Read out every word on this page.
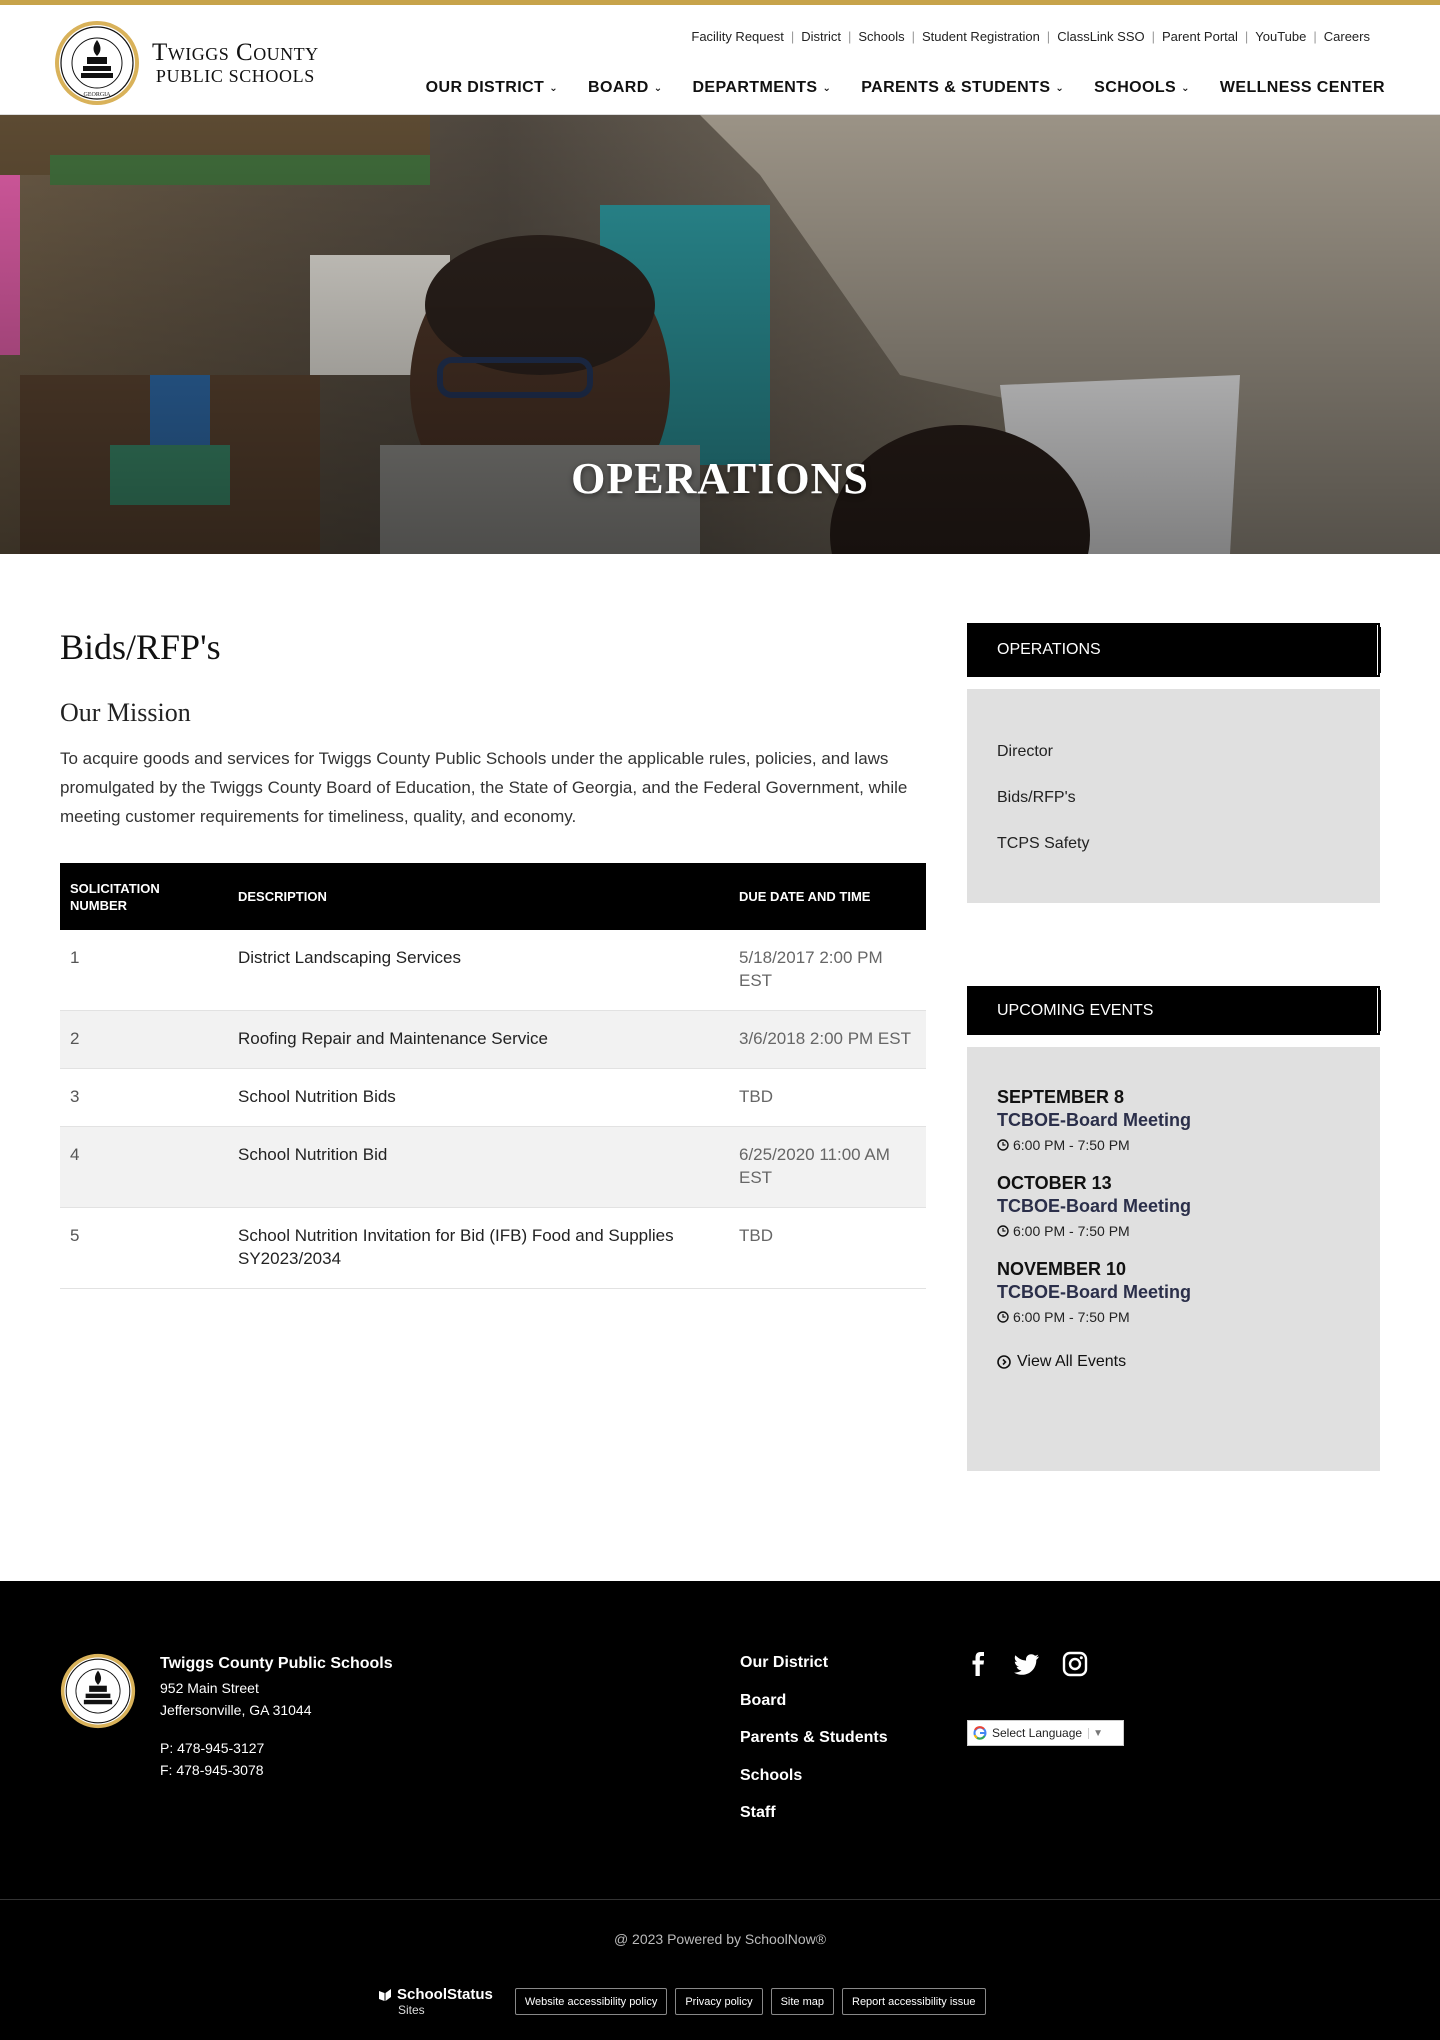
GEORGIA
Twiggs County
PUBLIC SCHOOLS
Facility Request | District | Schools | Student Registration | ClassLink SSO | Parent Portal | YouTube | Careers
OUR DISTRICT ⌄ BOARD ⌄ DEPARTMENTS ⌄ PARENTS & STUDENTS ⌄ SCHOOLS ⌄ WELLNESS CENTER
OPERATIONS
Bids/RFP's
Our Mission

To acquire goods and services for Twiggs County Public Schools under the applicable rules, policies, and laws promulgated by the Twiggs County Board of Education, the State of Georgia, and the Federal Government, while meeting customer requirements for timeliness, quality, and economy.

SOLICITATION NUMBER	DESCRIPTION	DUE DATE AND TIME
1	District Landscaping Services	5/18/2017 2:00 PM EST
2	Roofing Repair and Maintenance Service	3/6/2018 2:00 PM EST
3	School Nutrition Bids	TBD
4	School Nutrition Bid	6/25/2020 11:00 AM EST
5	School Nutrition Invitation for Bid (IFB) Food and Supplies SY2023/2034	TBD
OPERATIONS
Director
Bids/RFP's
TCPS Safety
UPCOMING EVENTS
SEPTEMBER 8
TCBOE-Board Meeting
6:00 PM - 7:50 PM
OCTOBER 13
TCBOE-Board Meeting
6:00 PM - 7:50 PM
NOVEMBER 10
TCBOE-Board Meeting
6:00 PM - 7:50 PM
View All Events
Twiggs County Public Schools
952 Main Street
Jeffersonville, GA 31044
P: 478-945-3127
F: 478-945-3078
Our District
Board
Parents & Students
Schools
Staff
Select Language	▼
@ 2023 Powered by SchoolNow®
SchoolStatus
Sites
Website accessibility policy	Privacy policy	Site map	Report accessibility issue
